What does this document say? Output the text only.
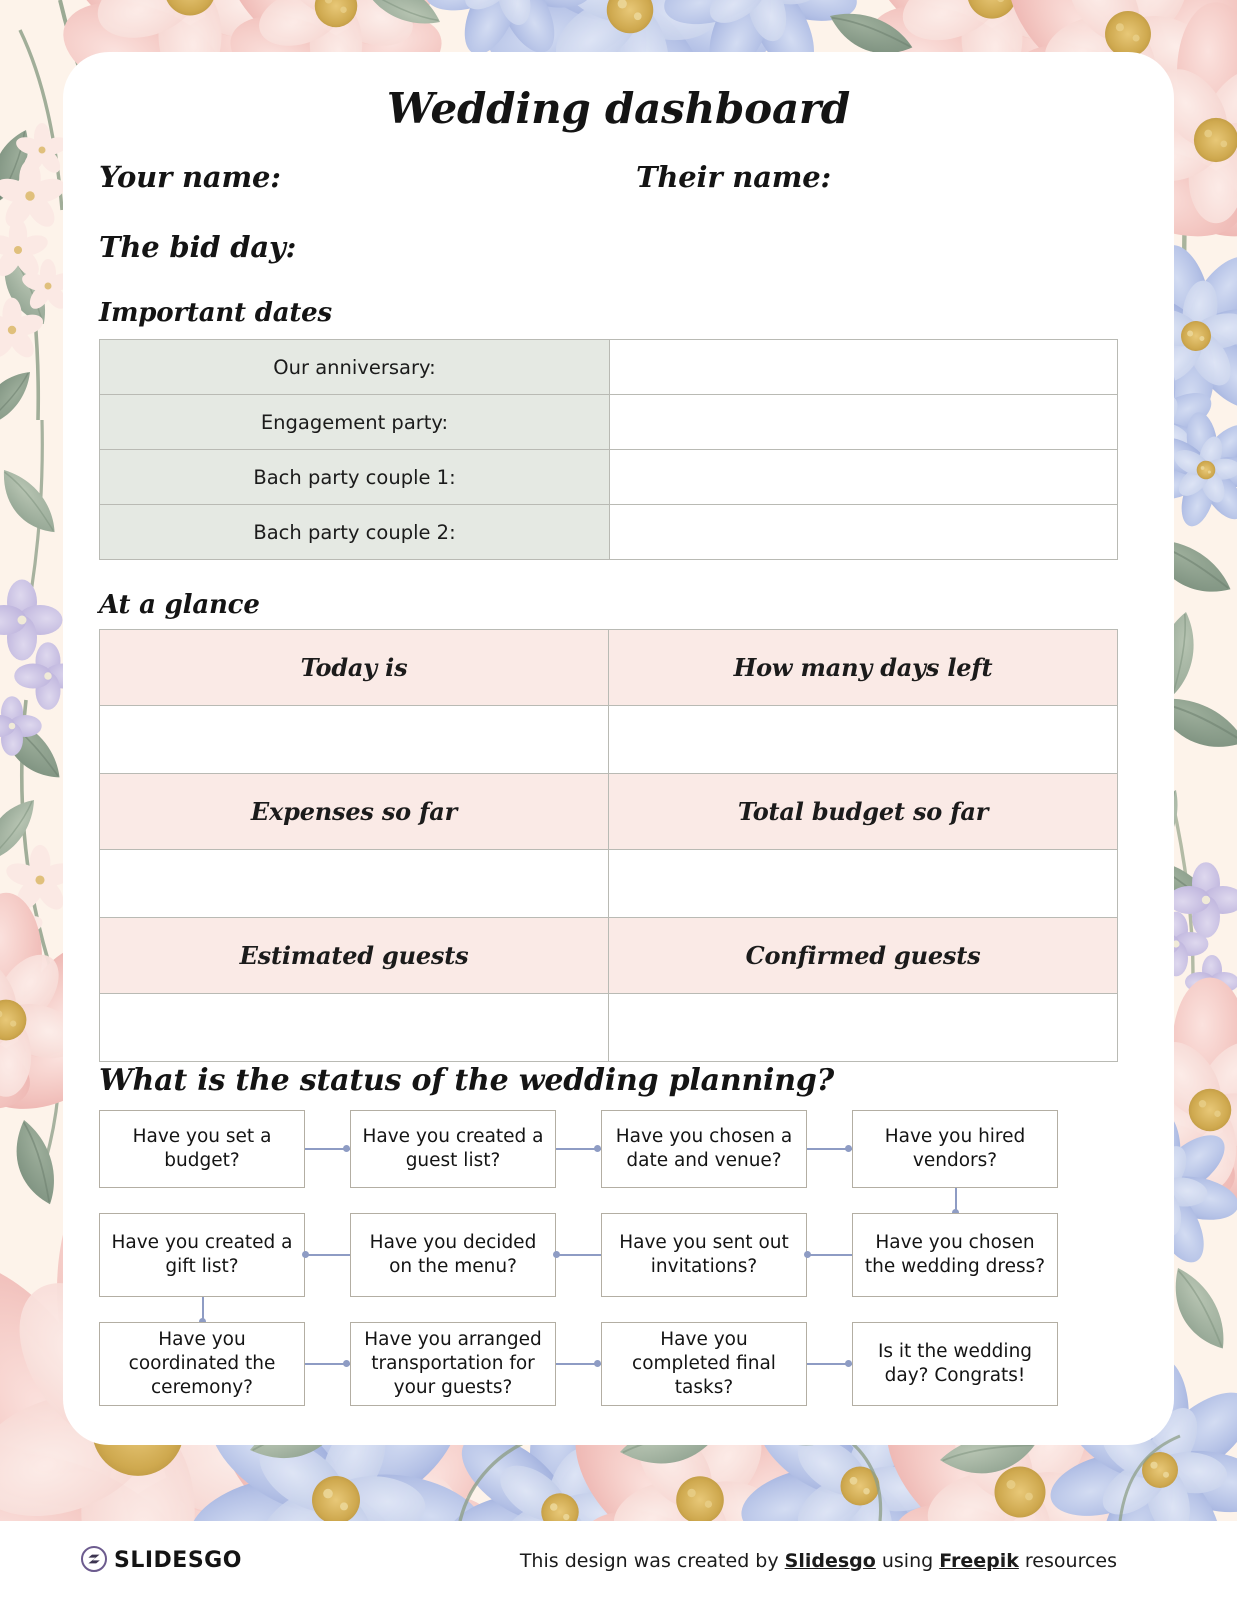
Wedding dashboard
Your name:	Their name:
The bid day:
Important dates
Our anniversary:	
Engagement party:	
Bach party couple 1:	
Bach party couple 2:	
At a glance
Today is	How many days left

Expenses so far	Total budget so far

Estimated guests	Confirmed guests

What is the status of the wedding planning?
Have you set a budget?
Have you created a guest list?
Have you chosen a date and venue?
Have you hired vendors?
Have you created a gift list?
Have you decided on the menu?
Have you sent out invitations?
Have you chosen the wedding dress?
Have you coordinated the ceremony?
Have you arranged transportation for your guests?
Have you completed final tasks?
Is it the wedding day? Congrats!
SLIDESGO	This design was created by Slidesgo using Freepik resources
